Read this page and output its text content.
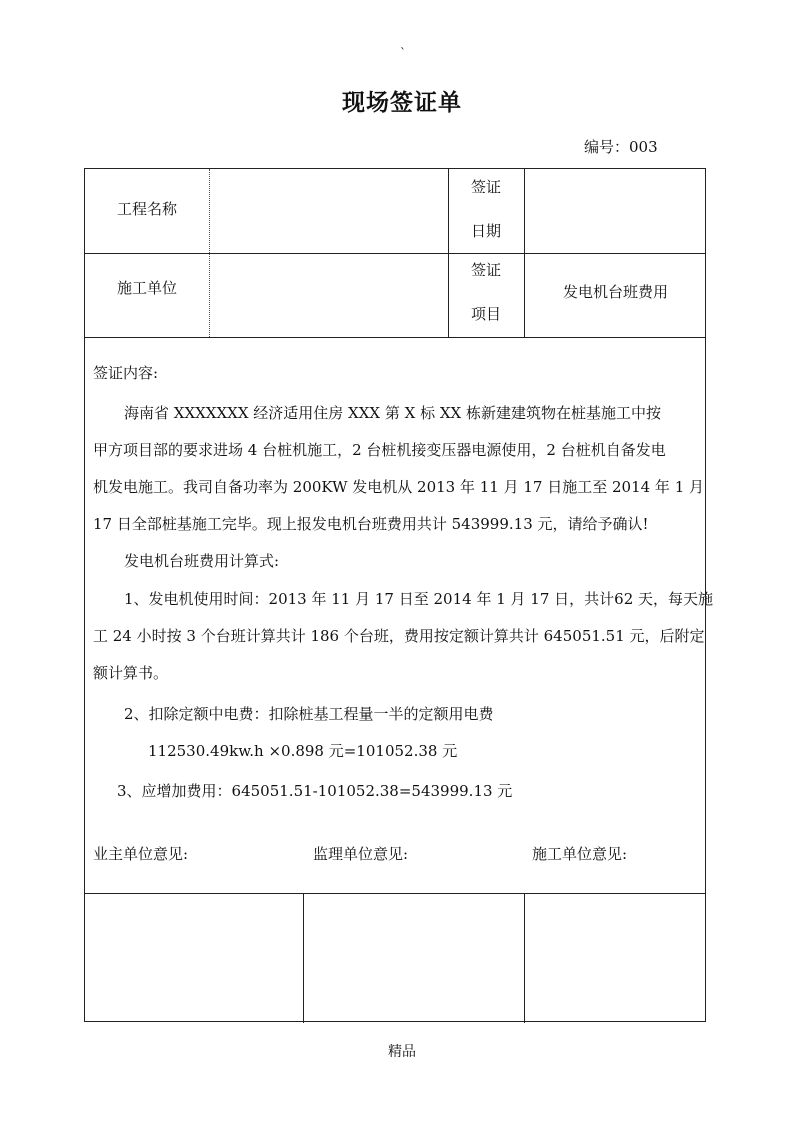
`
现场签证单
编号：003
工程名称
签证
日期
施工单位
签证
项目
发电机台班费用
签证内容:
海南省 XXXXXXX 经济适用住房 XXX 第 X 标 XX 栋新建建筑物在桩基施工中按
甲方项目部的要求进场 4 台桩机施工，2 台桩机接变压器电源使用，2 台桩机自备发电
机发电施工。我司自备功率为 200KW 发电机从 2013 年 11 月 17 日施工至 2014 年 1 月
17 日全部桩基施工完毕。现上报发电机台班费用共计 543999.13 元，请给予确认!
发电机台班费用计算式:
1、发电机使用时间：2013 年 11 月 17 日至 2014 年 1 月 17 日，共计62 天，每天施
工 24 小时按 3 个台班计算共计 186 个台班，费用按定额计算共计 645051.51 元，后附定
额计算书。
2、扣除定额中电费：扣除桩基工程量一半的定额用电费
112530.49kw.h ×0.898 元=101052.38 元
3、应增加费用：645051.51-101052.38=543999.13 元
业主单位意见:	监理单位意见:	施工单位意见:
精品
